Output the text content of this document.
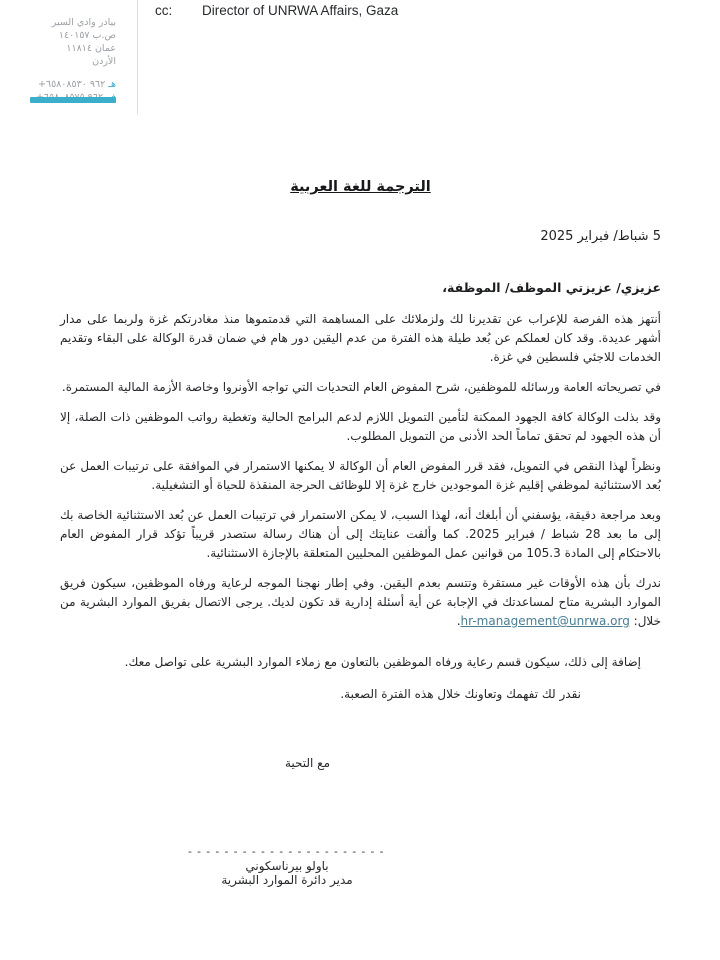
cc: Director of UNRWA Affairs, Gaza
بيادر وادي السير
ص.ب ١٤٠١٥٧
عمان ١١٨١٤
الأردن
هـ +٩٦٢ ٦٥٨٠٨٥٣٠
الترجمة للغة العربية
5 شباط/ فبراير 2025
عزيزي/ عزيزتي الموظف/ الموظفة،

أنتهز هذه الفرصة للإعراب عن تقديرنا لك ولزملائك على المساهمة التي قدمتموها منذ مغادرتكم غزة ولربما على مدار أشهر عديدة. وقد كان لعملكم عن بُعد طيلة هذه الفترة من عدم اليقين دور هام في ضمان قدرة الوكالة على البقاء وتقديم الخدمات للاجئي فلسطين في غزة.

في تصريحاته العامة ورسائله للموظفين، شرح المفوض العام التحديات التي تواجه الأونروا وخاصة الأزمة المالية المستمرة.

وقد بذلت الوكالة كافة الجهود الممكنة لتأمين التمويل اللازم لدعم البرامج الحالية وتغطية رواتب الموظفين ذات الصلة، إلا أن هذه الجهود لم تحقق تماماً الحد الأدنى من التمويل المطلوب.

ونظراً لهذا النقص في التمويل، فقد قرر المفوض العام أن الوكالة لا يمكنها الاستمرار في الموافقة على ترتيبات العمل عن بُعد الاستثنائية لموظفي إقليم غزة الموجودين خارج غزة إلا للوظائف الحرجة المنقذة للحياة أو التشغيلية.

وبعد مراجعة دقيقة، يؤسفني أن أبلغك أنه، لهذا السبب، لا يمكن الاستمرار في ترتيبات العمل عن بُعد الاستثنائية الخاصة بك إلى ما بعد 28 شباط / فبراير 2025. كما وألفت عنايتك إلى أن هناك رسالة ستصدر قريباً تؤكد قرار المفوض العام بالاحتكام إلى المادة 105.3 من قوانين عمل الموظفين المحليين المتعلقة بالإجازة الاستثنائية.

ندرك بأن هذه الأوقات غير مستقرة وتتسم بعدم اليقين. وفي إطار نهجنا الموجه لرعاية ورفاه الموظفين، سيكون فريق الموارد البشرية متاح لمساعدتك في الإجابة عن أية أسئلة إدارية قد تكون لديك. يرجى الاتصال بفريق الموارد البشرية من خلال: hr-management@unrwa.org.

إضافة إلى ذلك، سيكون قسم رعاية ورفاه الموظفين بالتعاون مع زملاء الموارد البشرية على تواصل معك.

نقدر لك تفهمك وتعاونك خلال هذه الفترة الصعبة.

مع التحية
----------------------
باولو بيرناسكوني
مدير دائرة الموارد البشرية
